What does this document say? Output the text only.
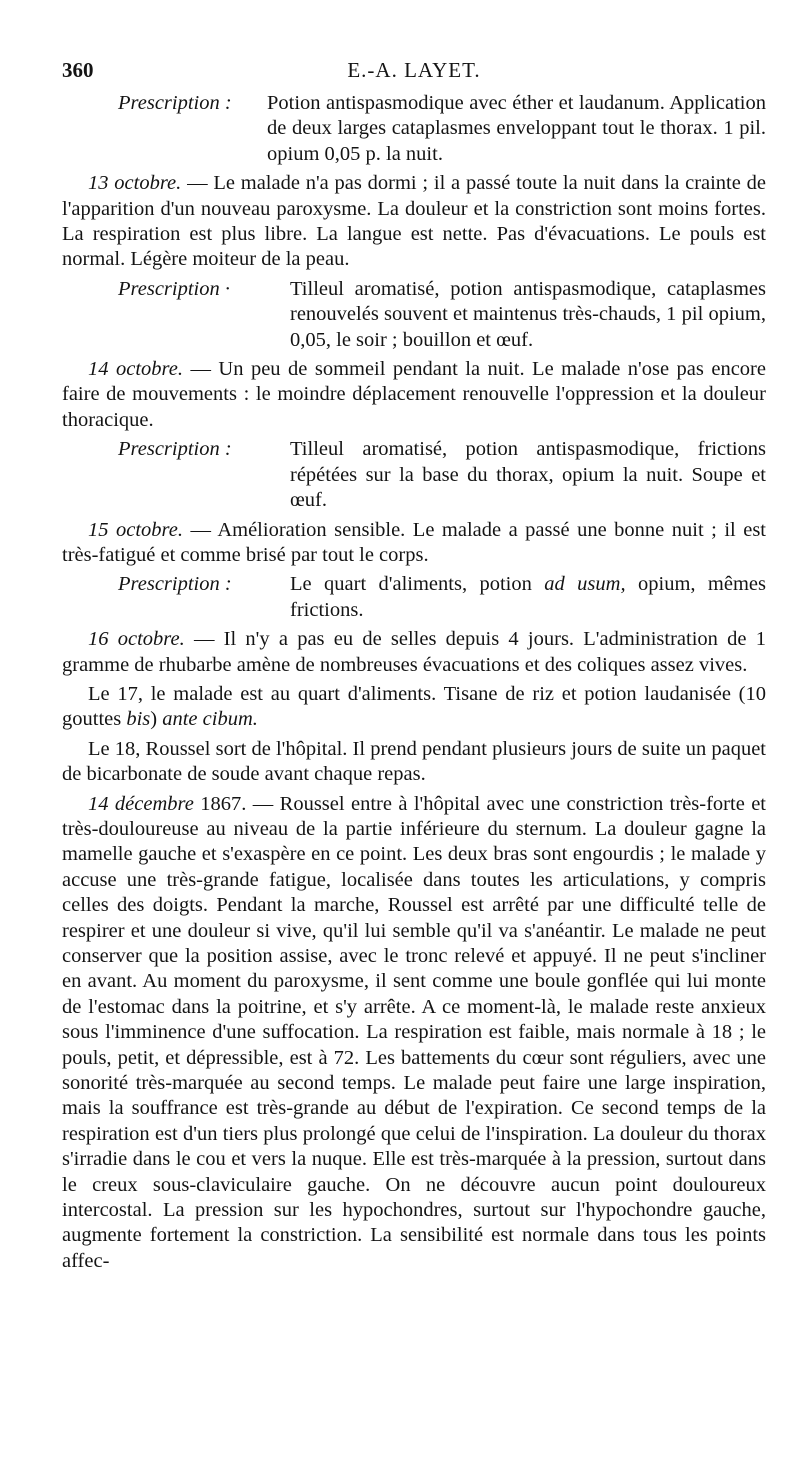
360	E.-A. LAYET.

Prescription : Potion antispasmodique avec éther et laudanum. Application de deux larges cataplasmes enveloppant tout le thorax. 1 pil. opium 0,05 p. la nuit.

13 octobre. — Le malade n'a pas dormi ; il a passé toute la nuit dans la crainte de l'apparition d'un nouveau paroxysme. La douleur et la constriction sont moins fortes. La respiration est plus libre. La langue est nette. Pas d'évacuations. Le pouls est normal. Légère moiteur de la peau.

Prescription ·	Tilleul aromatisé, potion antispasmodique, cataplasmes renouvelés souvent et maintenus très-chauds, 1 pil opium, 0,05, le soir ; bouillon et œuf.

14 octobre. — Un peu de sommeil pendant la nuit. Le malade n'ose pas encore faire de mouvements : le moindre déplacement renouvelle l'oppression et la douleur thoracique.

Prescription :	Tilleul aromatisé, potion antispasmodique, frictions répétées sur la base du thorax, opium la nuit. Soupe et œuf.

15 octobre. — Amélioration sensible. Le malade a passé une bonne nuit ; il est très-fatigué et comme brisé par tout le corps.

Prescription :	Le quart d'aliments, potion ad usum, opium, mêmes frictions.

16 octobre. — Il n'y a pas eu de selles depuis 4 jours. L'administration de 1 gramme de rhubarbe amène de nombreuses évacuations et des coliques assez vives.

Le 17, le malade est au quart d'aliments. Tisane de riz et potion laudanisée (10 gouttes bis) ante cibum.

Le 18, Roussel sort de l'hôpital. Il prend pendant plusieurs jours de suite un paquet de bicarbonate de soude avant chaque repas.

14 décembre 1867. — Roussel entre à l'hôpital avec une constriction très-forte et très-douloureuse au niveau de la partie inférieure du sternum. La douleur gagne la mamelle gauche et s'exaspère en ce point. Les deux bras sont engourdis ; le malade y accuse une très-grande fatigue, localisée dans toutes les articulations, y compris celles des doigts. Pendant la marche, Roussel est arrêté par une difficulté telle de respirer et une douleur si vive, qu'il lui semble qu'il va s'anéantir. Le malade ne peut conserver que la position assise, avec le tronc relevé et appuyé. Il ne peut s'incliner en avant. Au moment du paroxysme, il sent comme une boule gonflée qui lui monte de l'estomac dans la poitrine, et s'y arrête. A ce moment-là, le malade reste anxieux sous l'imminence d'une suffocation. La respiration est faible, mais normale à 18 ; le pouls, petit, et dépressible, est à 72. Les battements du cœur sont réguliers, avec une sonorité très-marquée au second temps. Le malade peut faire une large inspiration, mais la souffrance est très-grande au début de l'expiration. Ce second temps de la respiration est d'un tiers plus prolongé que celui de l'inspiration. La douleur du thorax s'irradie dans le cou et vers la nuque. Elle est très-marquée à la pression, surtout dans le creux sous-claviculaire gauche. On ne découvre aucun point douloureux intercostal. La pression sur les hypochondres, surtout sur l'hypochondre gauche, augmente fortement la constriction. La sensibilité est normale dans tous les points affec-
